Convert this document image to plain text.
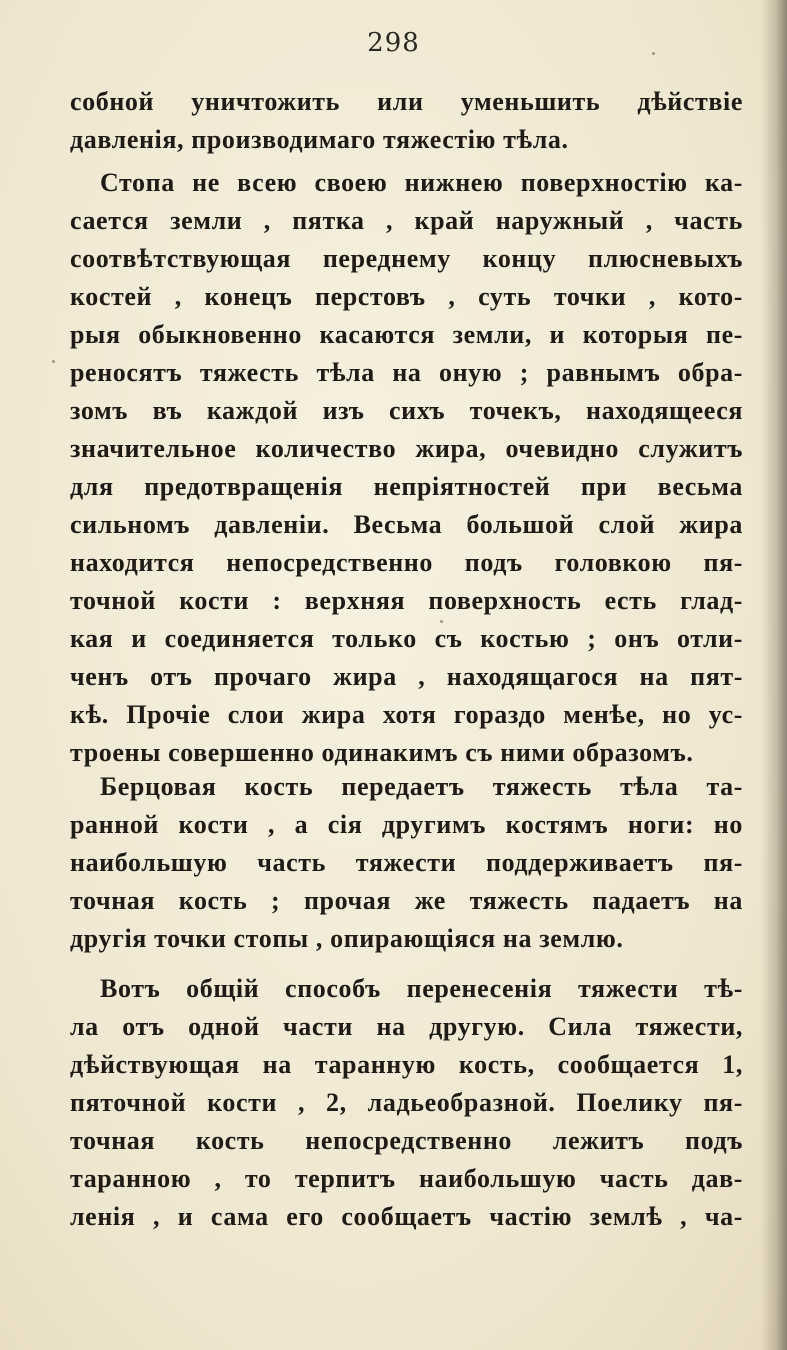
298
собной уничтожить или уменьшить дѣйствіе
давленія, производимаго тяжестію тѣла.
Стопа не всею своею нижнею поверхностію ка-
сается земли , пятка , край наружный , часть
соотвѣтствующая переднему концу плюсневыхъ
костей , конецъ перстовъ , суть точки , кото-
рыя обыкновенно касаются земли, и которыя пе-
реносятъ тяжесть тѣла на оную ; равнымъ обра-
зомъ въ каждой изъ сихъ точекъ, находящееся
значительное количество жира, очевидно служитъ
для предотвращенія непріятностей при весьма
сильномъ давленіи. Весьма большой слой жира
находится непосредственно подъ головкою пя-
точной кости : верхняя поверхность есть глад-
кая и соединяется только съ костью ; онъ отли-
ченъ отъ прочаго жира , находящагося на пят-
кѣ. Прочіе слои жира хотя гораздо менѣе, но ус-
троены совершенно одинакимъ съ ними образомъ.
Берцовая кость передаетъ тяжесть тѣла та-
ранной кости , а сія другимъ костямъ ноги: но
наибольшую часть тяжести поддерживаетъ пя-
точная кость ; прочая же тяжесть падаетъ на
другія точки стопы , опирающіяся на землю.
Вотъ общій способъ перенесенія тяжести тѣ-
ла отъ одной части на другую. Сила тяжести,
дѣйствующая на таранную кость, сообщается 1,
пяточной кости , 2, ладьеобразной. Поелику пя-
точная кость непосредственно лежитъ подъ
таранною , то терпитъ наибольшую часть дав-
ленія , и сама его сообщаетъ частію землѣ , ча-
